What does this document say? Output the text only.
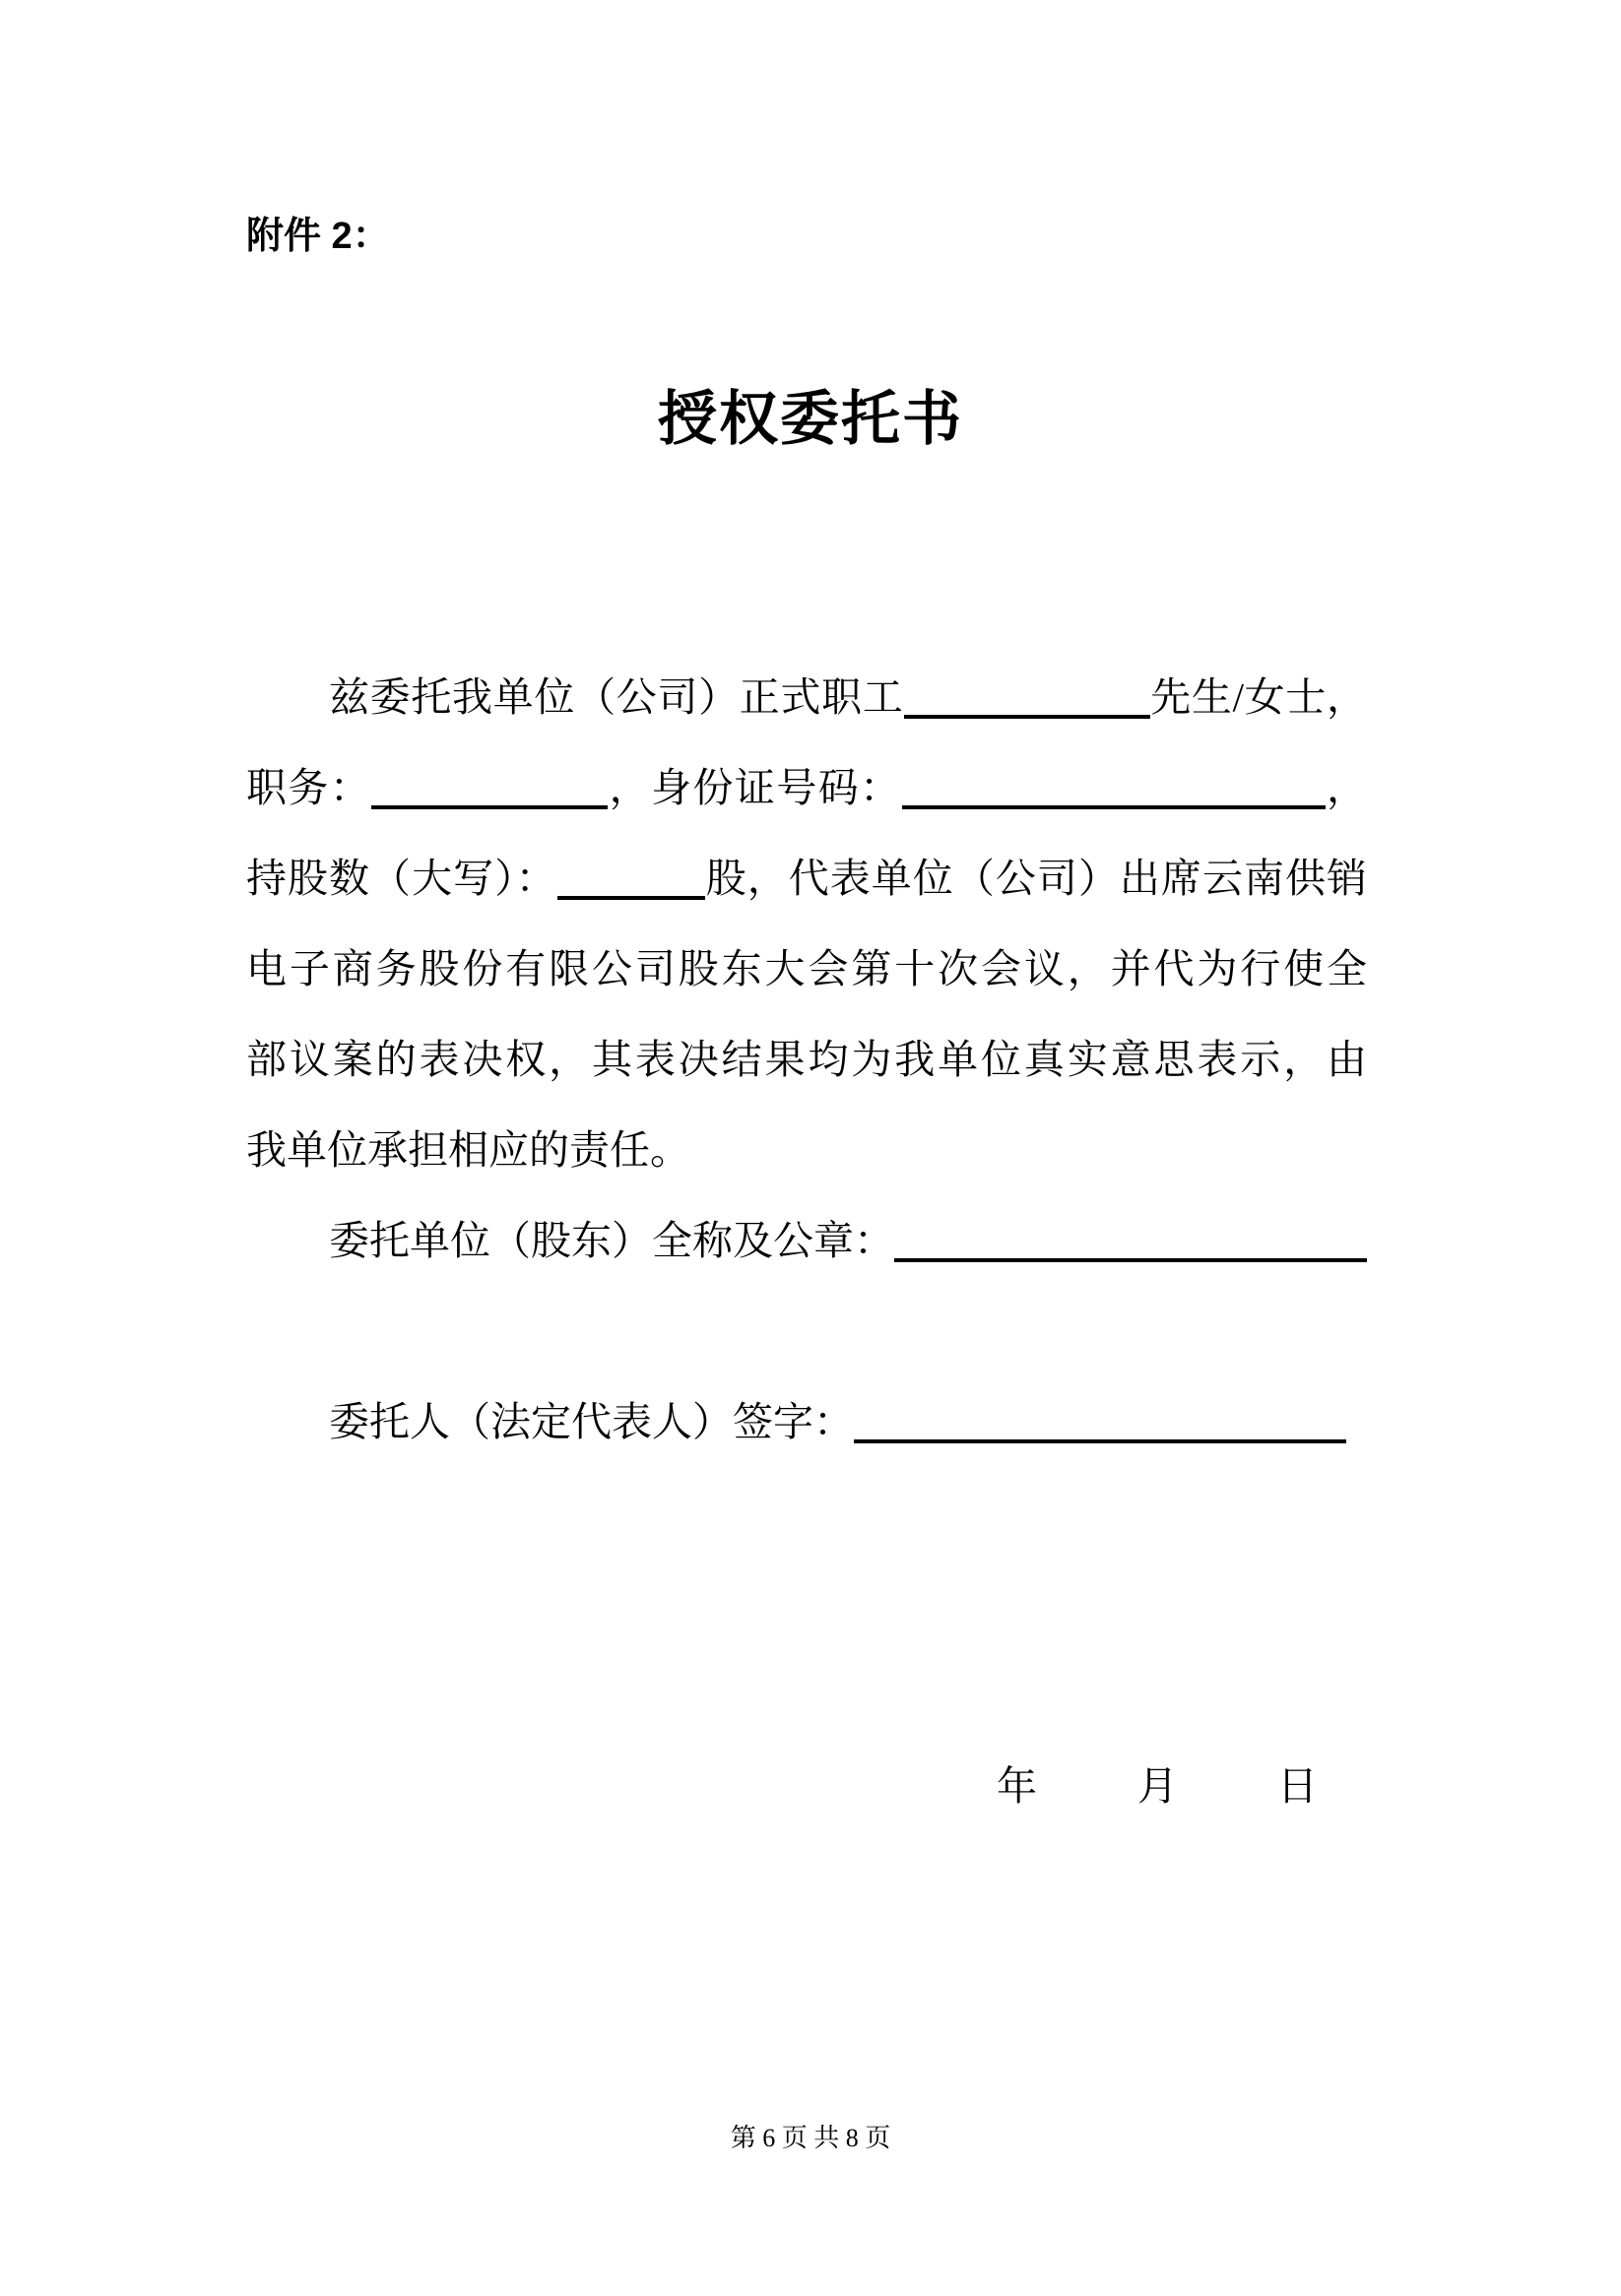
附件 2：
授权委托书
兹委托我单位（公司）正式职工	先生/女士，
职务：	，身份证号码：	，
持股数（大写）：	股，代表单位（公司）出席云南供销
电子商务股份有限公司股东大会第十次会议，并代为行使全
部议案的表决权，其表决结果均为我单位真实意思表示，由
我单位承担相应的责任。
委托单位（股东）全称及公章：
委托人（法定代表人）签字：
年 月 日
第 6 页 共 8 页
